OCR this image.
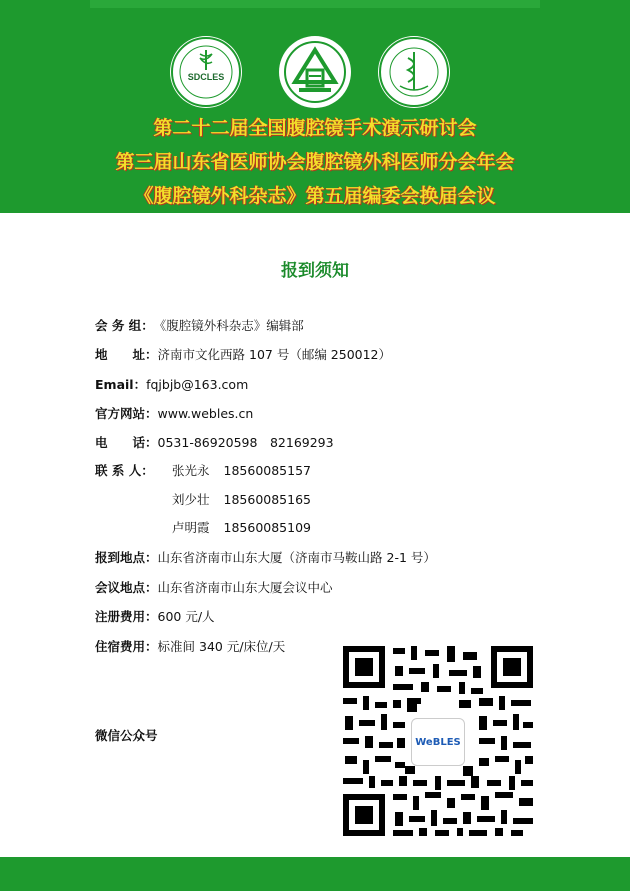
SDCLES
第二十二届全国腹腔镜手术演示研讨会
第三届山东省医师协会腹腔镜外科医师分会年会
《腹腔镜外科杂志》第五届编委会换届会议
报到须知
会 务 组：《腹腔镜外科杂志》编辑部
地　　址：济南市文化西路 107 号（邮编 250012）
Email：fqjbjb@163.com
官方网站：www.webles.cn
电　　话：0531-86920598　82169293
联 系 人： 张光永 18560085157
刘少壮 18560085165
卢明霞 18560085109
报到地点：山东省济南市山东大厦（济南市马鞍山路 2-1 号）
会议地点：山东省济南市山东大厦会议中心
注册费用：600 元/人
住宿费用：标准间 340 元/床位/天
微信公众号	WeBLES
